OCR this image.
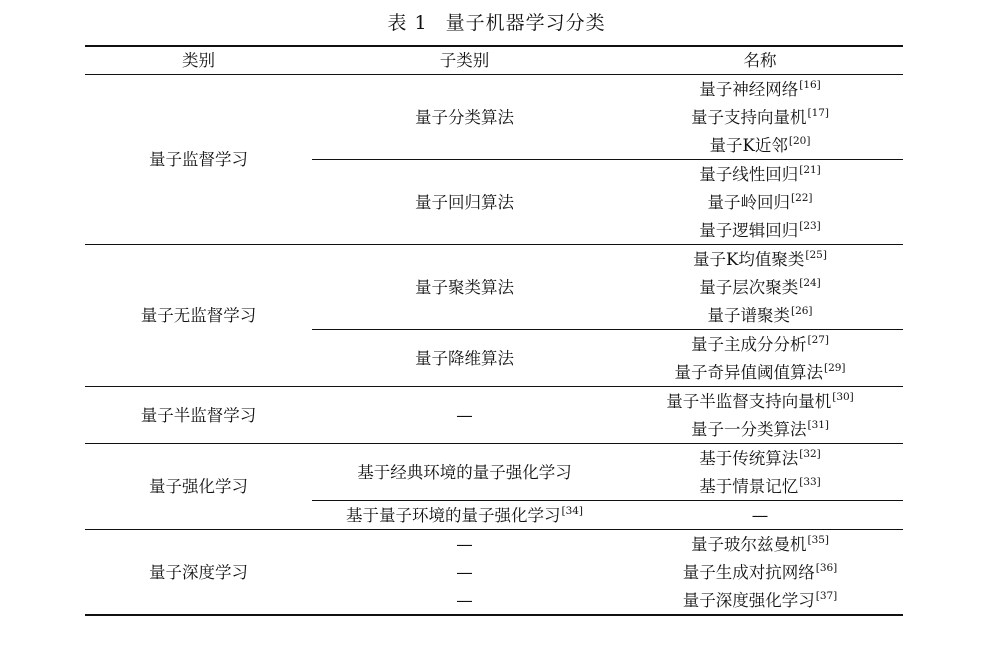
表 1 量子机器学习分类
类别	子类别	名称
量子监督学习	量子分类算法	量子神经网络[16]
		量子支持向量机[17]
		量子K近邻[20]
	量子回归算法	量子线性回归[21]
		量子岭回归[22]
		量子逻辑回归[23]
量子无监督学习	量子聚类算法	量子K均值聚类[25]
		量子层次聚类[24]
		量子谱聚类[26]
	量子降维算法	量子主成分分析[27]
		量子奇异值阈值算法[29]
量子半监督学习	—	量子半监督支持向量机[30]
		量子一分类算法[31]
量子强化学习	基于经典环境的量子强化学习	基于传统算法[32]
		基于情景记忆[33]
	基于量子环境的量子强化学习[34]	—
量子深度学习	—	量子玻尔兹曼机[35]
	—	量子生成对抗网络[36]
	—	量子深度强化学习[37]
